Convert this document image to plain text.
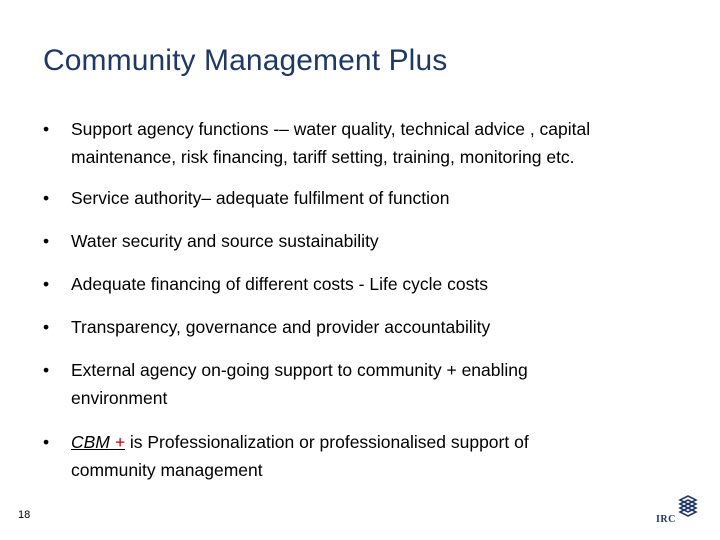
Community Management Plus
•	Support agency functions -– water quality, technical advice , capital
maintenance, risk financing, tariff setting, training, monitoring etc.
•	Service authority– adequate fulfilment of function
•	Water security and source sustainability
•	Adequate financing of different costs - Life cycle costs
•	Transparency, governance and provider accountability
•	External agency on-going support to community + enabling
environment
•	CBM + is Professionalization or professionalised support of
community management
18	IRC
